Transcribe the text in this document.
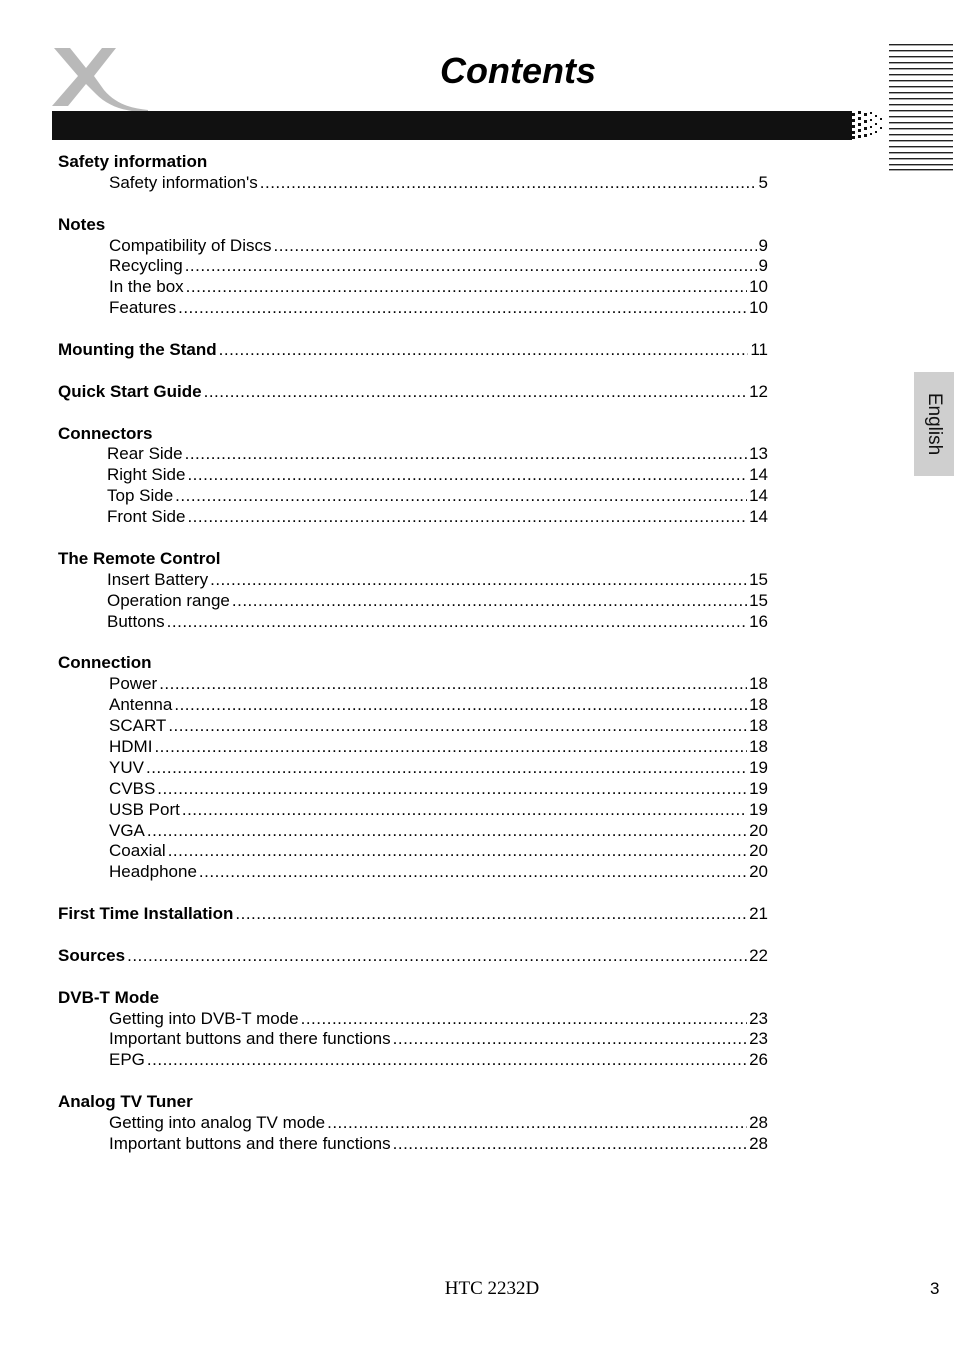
Contents
English
Safety information
Safety information's .....	5
Notes
Compatibility of Discs .....	9
Recycling .....	9
In the box .....	10
Features .....	10
Mounting the Stand .....	11
Quick Start Guide .....	12
Connectors
Rear Side .....	13
Right Side .....	14
Top Side .....	14
Front Side .....	14
The Remote Control
Insert Battery .....	15
Operation range .....	15
Buttons .....	16
Connection
Power .....	18
Antenna .....	18
SCART .....	18
HDMI .....	18
YUV .....	19
CVBS .....	19
USB Port .....	19
VGA .....	20
Coaxial .....	20
Headphone .....	20
First Time Installation .....	21
Sources .....	22
DVB-T Mode
Getting into DVB-T mode .....	23
Important buttons and there functions .....	23
EPG .....	26
Analog TV Tuner
Getting into analog TV mode .....	28
Important buttons and there functions .....	28
HTC 2232D	3
